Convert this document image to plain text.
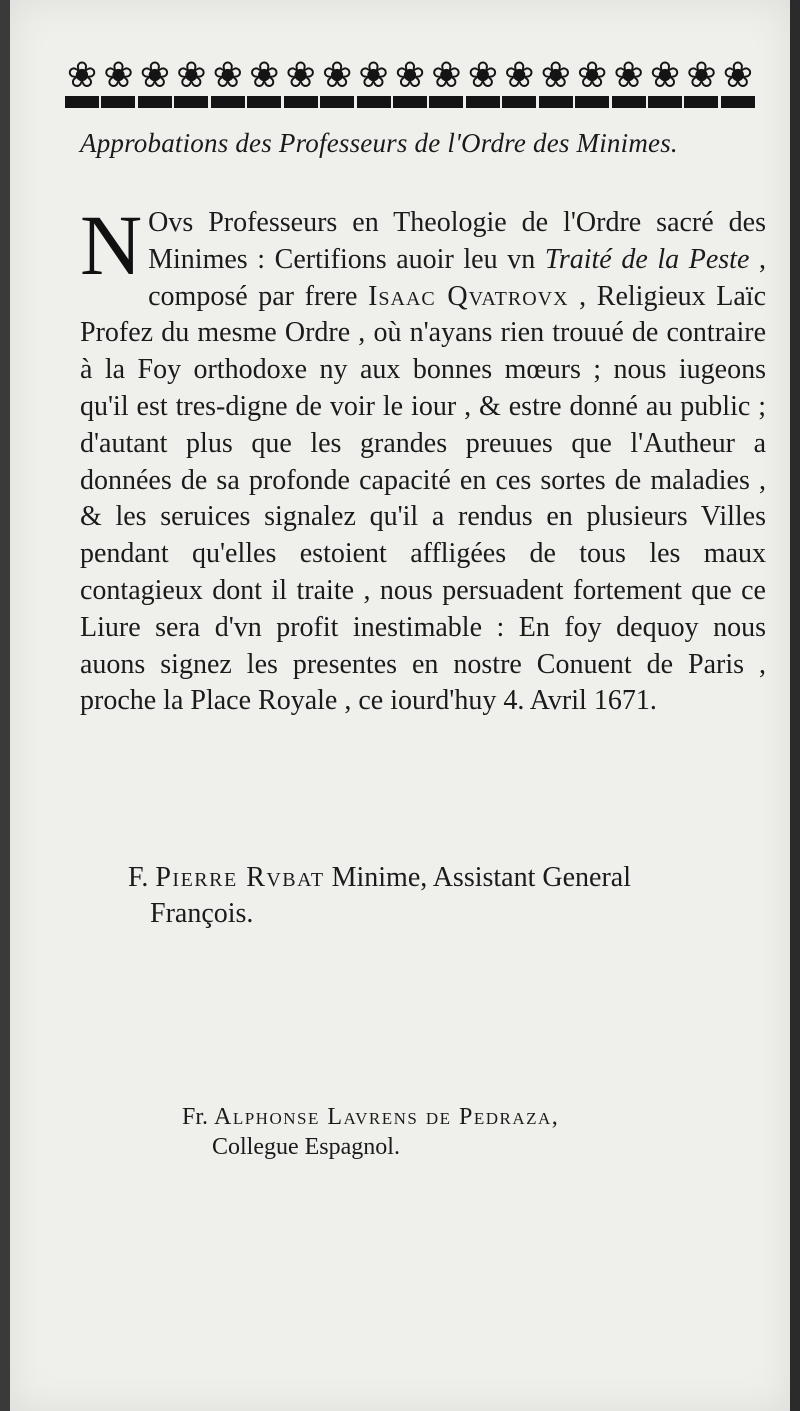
❀ ❀ ❀ ❀ ❀ ❀ ❀ ❀ ❀ ❀ ❀ ❀ ❀ ❀ ❀ ❀ ❀ ❀ ❀
Approbations des Professeurs de l'Ordre des Minimes.
N Ovs Professeurs en Theologie de l'Ordre sacré des Minimes : Certifions auoir leu vn Traité de la Peste , composé par frere Isaac Qvatrovx , Religieux Laïc Profez du mesme Ordre , où n'ayans rien trouué de contraire à la Foy orthodoxe ny aux bonnes mœurs ; nous iugeons qu'il est tres-digne de voir le iour , & estre donné au public ; d'autant plus que les grandes preuues que l'Autheur a données de sa profonde capacité en ces sortes de maladies , & les seruices signalez qu'il a rendus en plusieurs Villes pendant qu'elles estoient affligées de tous les maux contagieux dont il traite , nous persuadent fortement que ce Liure sera d'vn profit inestimable : En foy dequoy nous auons signez les presentes en nostre Conuent de Paris , proche la Place Royale , ce iourd'huy 4. Avril 1671.
F. Pierre Rvbat Minime, Assistant General
François.
Fr. Alphonse Lavrens de Pedraza,
Collegue Espagnol.
